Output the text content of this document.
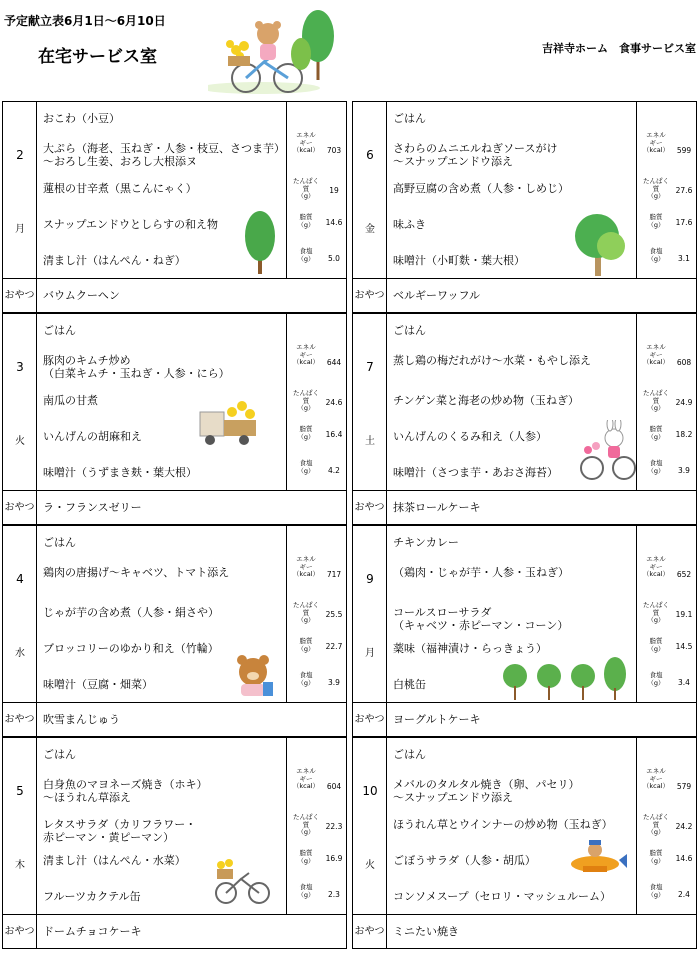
予定献立表6月1日～6月10日
在宅サービス室	吉祥寺ホーム　食事サービス室
2
月
おこわ（小豆）
大ぷら（海老、玉ねぎ・人参・枝豆、さつま芋）～おろし生姜、おろし大根添ヌ
蓮根の甘辛煮（黒こんにゃく）
スナップエンドウとしらすの和え物
清まし汁（はんぺん・ねぎ）
エネル
ギー
（kcal）	703
たんぱく
質
（g）
19
脂質
（g）	14.6
食塩
（g）	5.0
おやつ バウムクーヘン
3
火
ごはん
豚肉のキムチ炒め
（白菜キムチ・玉ねぎ・人参・にら）
南瓜の甘煮
いんげんの胡麻和え
味噌汁（うずまき麸・葉大根）
エネル
ギー
（kcal）	644
たんぱく
質
（g）
24.6
脂質
（g）	16.4
食塩
（g）	4.2
おやつ ラ・フランスゼリー
4
水
ごはん
鶏肉の唐揚げ～キャベツ、トマト添え
じゃが芋の含め煮（人参・絹さや）
ブロッコリーのゆかり和え（竹輪）
味噌汁（豆腐・畑菜）
エネル
ギー
（kcal）	717
たんぱく
質
（g）
25.5
脂質
（g）	22.7
食塩
（g）	3.9
おやつ 吹雪まんじゅう
5
木
ごはん
白身魚のマヨネーズ焼き（ホキ）
～ほうれん草添え
レタスサラダ（カリフラワー・
赤ピーマン・黄ピーマン）
清まし汁（はんぺん・水菜）
フルーツカクテル缶
エネル
ギー
（kcal）	604
たんぱく
質
（g）
22.3
脂質
（g）	16.9
食塩
（g）	2.3
おやつ ドームチョコケーキ
6
金
ごはん
さわらのムニエルねぎソースがけ
～スナップエンドウ添え
高野豆腐の含め煮（人参・しめじ）
味ふき
味噌汁（小町麩・葉大根）
エネル
ギー
（kcal）	599
たんぱく
質
（g）
27.6
脂質
（g）	17.6
食塩
（g）	3.1
おやつ ベルギーワッフル
7
土
ごはん
蒸し鶏の梅だれがけ～水菜・もやし添え
チンゲン菜と海老の炒め物（玉ねぎ）
いんげんのくるみ和え（人参）
味噌汁（さつま芋・あおさ海苔）
エネル
ギー
（kcal）	608
たんぱく
質
（g）
24.9
脂質
（g）	18.2
食塩
（g）	3.9
おやつ 抹茶ロールケーキ
9
月
チキンカレー
（鶏肉・じゃが芋・人参・玉ねぎ）
コールスローサラダ
（キャベツ・赤ピーマン・コーン）
薬味（福神漬け・らっきょう）
白桃缶
エネル
ギー
（kcal）	652
たんぱく
質
（g）
19.1
脂質
（g）	14.5
食塩
（g）	3.4
おやつ ヨーグルトケーキ
10
火
ごはん
メバルのタルタル焼き（卵、パセリ）
～スナップエンドウ添え
ほうれん草とウインナーの炒め物（玉ねぎ）
ごぼうサラダ（人参・胡瓜）
コンソメスープ（セロリ・マッシュルーム）
エネル
ギー
（kcal）	579
たんぱく
質
（g）
24.2
脂質
（g）	14.6
食塩
（g）	2.4
おやつ ミニたい焼き
